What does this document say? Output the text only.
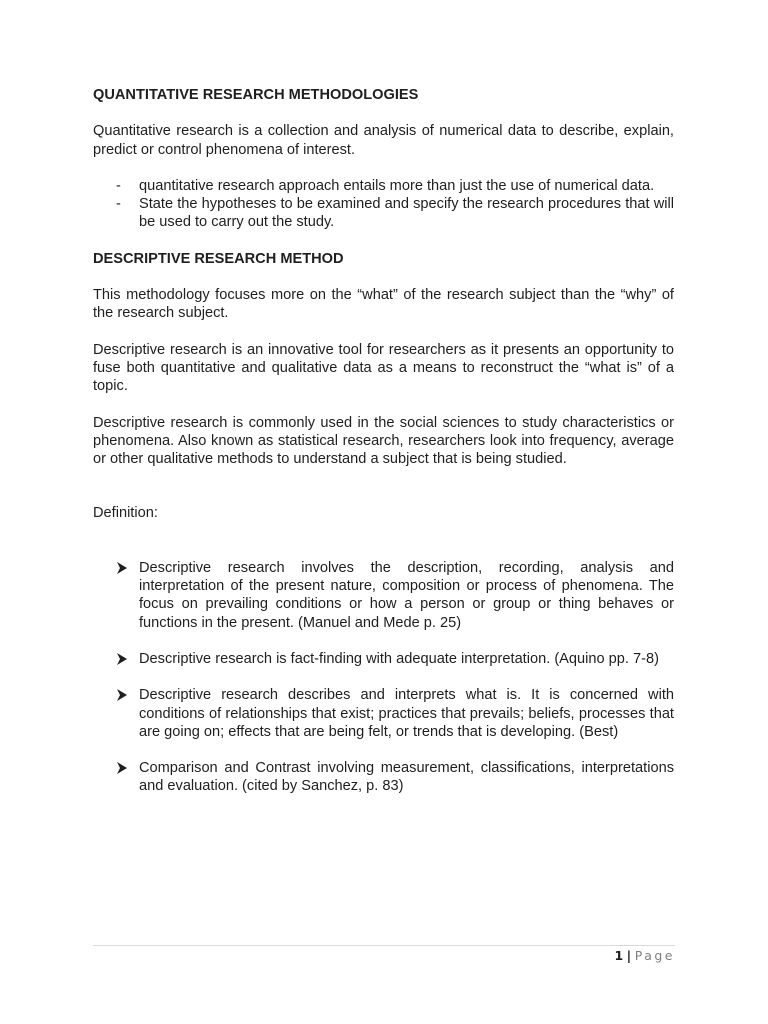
QUANTITATIVE RESEARCH METHODOLOGIES
Quantitative research is a collection and analysis of numerical data to describe, explain, predict or control phenomena of interest.
- quantitative research approach entails more than just the use of numerical data.
- State the hypotheses to be examined and specify the research procedures that will be used to carry out the study.
DESCRIPTIVE RESEARCH METHOD
This methodology focuses more on the “what” of the research subject than the “why” of the research subject.
Descriptive research is an innovative tool for researchers as it presents an opportunity to fuse both quantitative and qualitative data as a means to reconstruct the “what is” of a topic.
Descriptive research is commonly used in the social sciences to study characteristics or phenomena. Also known as statistical research, researchers look into frequency, average or other qualitative methods to understand a subject that is being studied.
Definition:
Descriptive research involves the description, recording, analysis and interpretation of the present nature, composition or process of phenomena. The focus on prevailing conditions or how a person or group or thing behaves or functions in the present. (Manuel and Mede p. 25)
Descriptive research is fact-finding with adequate interpretation. (Aquino pp. 7-8)
Descriptive research describes and interprets what is. It is concerned with conditions of relationships that exist; practices that prevails; beliefs, processes that are going on; effects that are being felt, or trends that is developing. (Best)
Comparison and Contrast involving measurement, classifications, interpretations and evaluation. (cited by Sanchez, p. 83)
1 | Page
